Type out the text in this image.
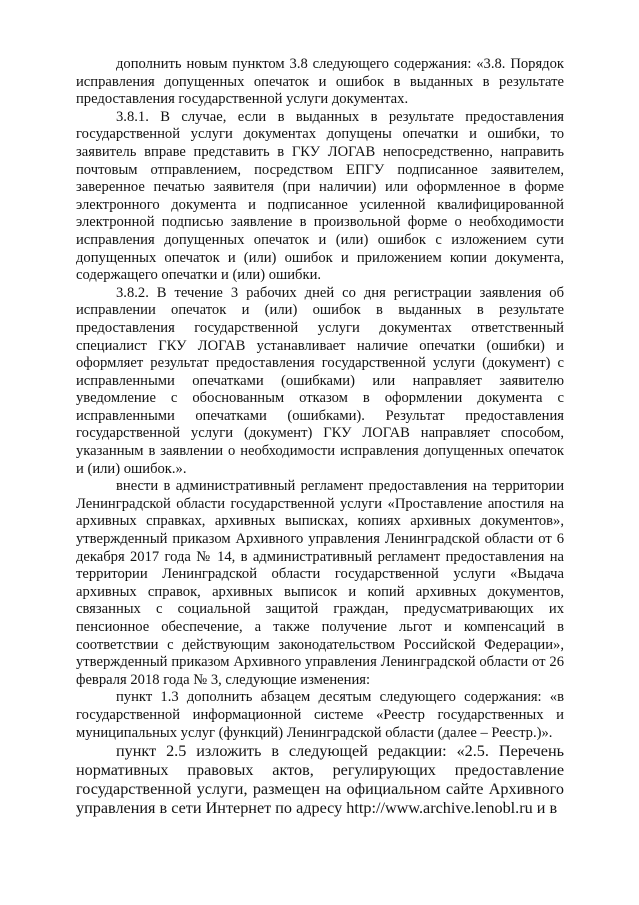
дополнить новым пунктом 3.8 следующего содержания: «3.8. Порядок исправления допущенных опечаток и ошибок в выданных в результате предоставления государственной услуги документах.

3.8.1. В случае, если в выданных в результате предоставления государственной услуги документах допущены опечатки и ошибки, то заявитель вправе представить в ГКУ ЛОГАВ непосредственно, направить почтовым отправлением, посредством ЕПГУ подписанное заявителем, заверенное печатью заявителя (при наличии) или оформленное в форме электронного документа и подписанное усиленной квалифицированной электронной подписью заявление в произвольной форме о необходимости исправления допущенных опечаток и (или) ошибок с изложением сути допущенных опечаток и (или) ошибок и приложением копии документа, содержащего опечатки и (или) ошибки.

3.8.2. В течение 3 рабочих дней со дня регистрации заявления об исправлении опечаток и (или) ошибок в выданных в результате предоставления государственной услуги документах ответственный специалист ГКУ ЛОГАВ устанавливает наличие опечатки (ошибки) и оформляет результат предоставления государственной услуги (документ) с исправленными опечатками (ошибками) или направляет заявителю уведомление с обоснованным отказом в оформлении документа с исправленными опечатками (ошибками). Результат предоставления государственной услуги (документ) ГКУ ЛОГАВ направляет способом, указанным в заявлении о необходимости исправления допущенных опечаток и (или) ошибок.».

внести в административный регламент предоставления на территории Ленинградской области государственной услуги «Проставление апостиля на архивных справках, архивных выписках, копиях архивных документов», утвержденный приказом Архивного управления Ленинградской области от 6 декабря 2017 года № 14, в административный регламент предоставления на территории Ленинградской области государственной услуги «Выдача архивных справок, архивных выписок и копий архивных документов, связанных с социальной защитой граждан, предусматривающих их пенсионное обеспечение, а также получение льгот и компенсаций в соответствии с действующим законодательством Российской Федерации», утвержденный приказом Архивного управления Ленинградской области от 26 февраля 2018 года № 3, следующие изменения:

пункт 1.3 дополнить абзацем десятым следующего содержания: «в государственной информационной системе «Реестр государственных и муниципальных услуг (функций) Ленинградской области (далее – Реестр.)».

пункт 2.5 изложить в следующей редакции: «2.5. Перечень нормативных правовых актов, регулирующих предоставление государственной услуги, размещен на официальном сайте Архивного управления в сети Интернет по адресу http://www.archive.lenobl.ru и в
